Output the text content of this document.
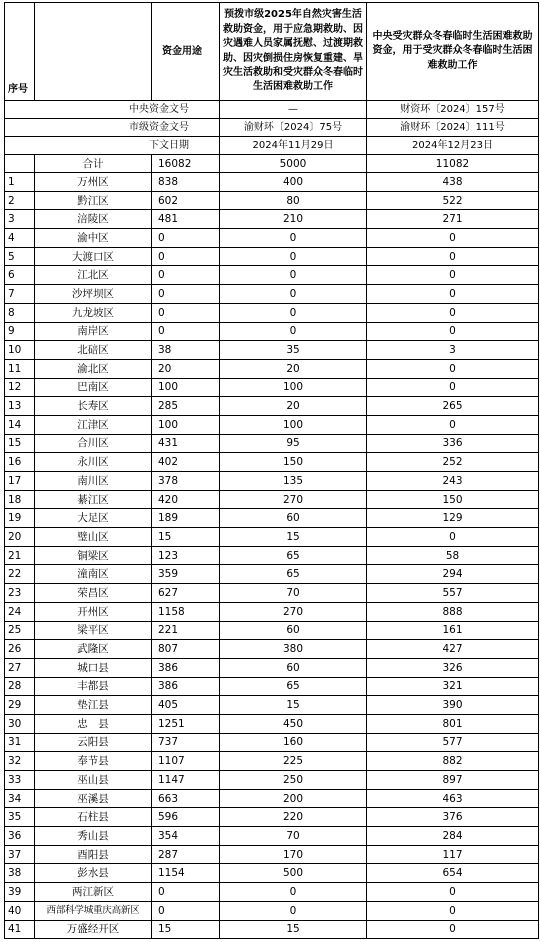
序号		资金用途	预拨市级2025年自然灾害生活救助资金，用于应急期救助、因灾遇难人员家属抚慰、过渡期救助、因灾倒损住房恢复重建、旱灾生活救助和受灾群众冬春临时生活困难救助工作	中央受灾群众冬春临时生活困难救助资金，用于受灾群众冬春临时生活困难救助工作
	中央资金文号		—	财资环〔2024〕157号
	市级资金文号		渝财环〔2024〕75号	渝财环〔2024〕111号
	下文日期		2024年11月29日	2024年12月23日
	合计	16082	5000	11082
1	万州区	838	400	438
2	黔江区	602	80	522
3	涪陵区	481	210	271
4	渝中区	0	0	0
5	大渡口区	0	0	0
6	江北区	0	0	0
7	沙坪坝区	0	0	0
8	九龙坡区	0	0	0
9	南岸区	0	0	0
10	北碚区	38	35	3
11	渝北区	20	20	0
12	巴南区	100	100	0
13	长寿区	285	20	265
14	江津区	100	100	0
15	合川区	431	95	336
16	永川区	402	150	252
17	南川区	378	135	243
18	綦江区	420	270	150
19	大足区	189	60	129
20	璧山区	15	15	0
21	铜梁区	123	65	58
22	潼南区	359	65	294
23	荣昌区	627	70	557
24	开州区	1158	270	888
25	梁平区	221	60	161
26	武隆区	807	380	427
27	城口县	386	60	326
28	丰都县	386	65	321
29	垫江县	405	15	390
30	忠　县	1251	450	801
31	云阳县	737	160	577
32	奉节县	1107	225	882
33	巫山县	1147	250	897
34	巫溪县	663	200	463
35	石柱县	596	220	376
36	秀山县	354	70	284
37	酉阳县	287	170	117
38	彭水县	1154	500	654
39	两江新区	0	0	0
40	西部科学城重庆高新区	0	0	0
41	万盛经开区	15	15	0
